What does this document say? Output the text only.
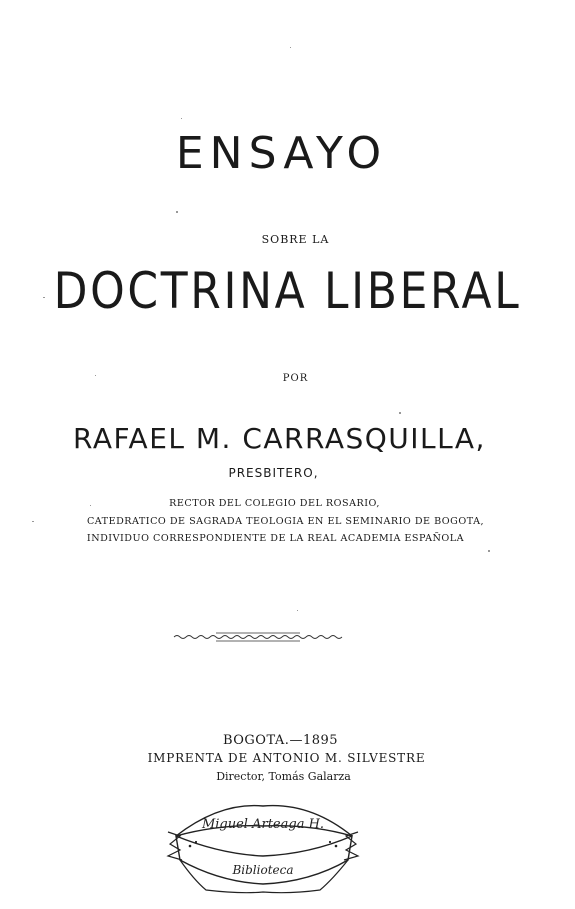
ENSAYO
SOBRE LA
DOCTRINA LIBERAL
POR
RAFAEL M. CARRASQUILLA,
PRESBITERO,
RECTOR DEL COLEGIO DEL ROSARIO,
CATEDRATICO DE SAGRADA TEOLOGIA EN EL SEMINARIO DE BOGOTA,
INDIVIDUO CORRESPONDIENTE DE LA REAL ACADEMIA ESPAÑOLA
BOGOTA.—1895
IMPRENTA DE ANTONIO M. SILVESTRE
Director, Tomás Galarza
Miguel Arteaga H.
Biblioteca
